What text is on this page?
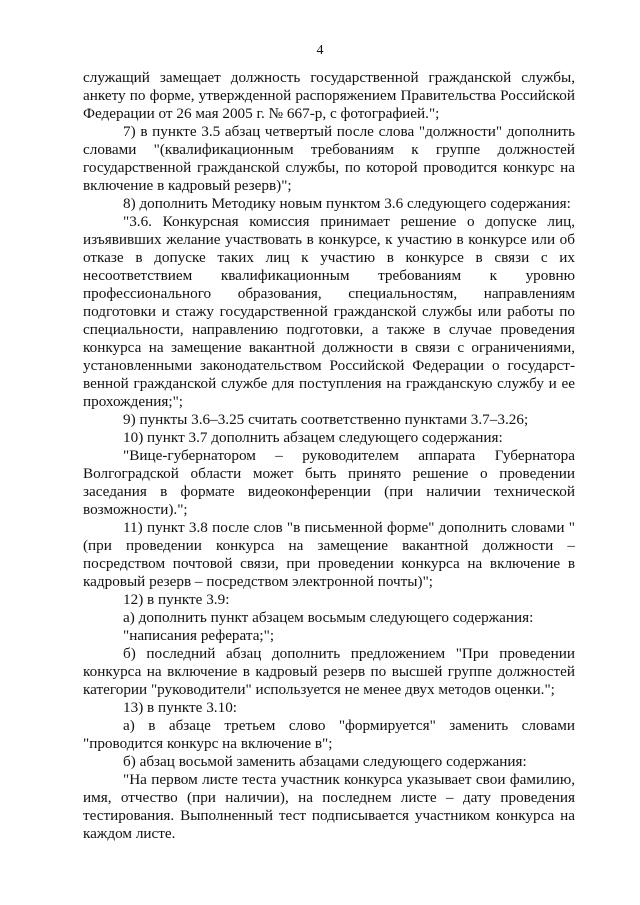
4

служащий замещает должность государственной гражданской службы, анкету по форме, утвержденной распоряжением Правительства Российской Федерации от 26 мая 2005 г. № 667-р, с фотографией.";

7) в пункте 3.5 абзац четвертый после слова "должности" дополнить словами "(квалификационным требованиям к группе должностей государственной гражданской службы, по которой проводится конкурс на включение в кадровый резерв)";

8) дополнить Методику новым пунктом 3.6 следующего содержания:

"3.6. Конкурсная комиссия принимает решение о допуске лиц, изъявивших желание участвовать в конкурсе, к участию в конкурсе или об отказе в допуске таких лиц к участию в конкурсе в связи с их несоответствием квалификационным требованиям к уровню профессионального образования, специальностям, направлениям подготовки и стажу государственной гражданской службы или работы по специальности, направлению подготовки, а также в случае проведения конкурса на замещение вакантной должности в связи с ограничениями, установленными законодательством Российской Федерации о государственной гражданской службе для поступления на гражданскую службу и ее прохождения;";

9) пункты 3.6–3.25 считать соответственно пунктами 3.7–3.26;

10) пункт 3.7 дополнить абзацем следующего содержания:

"Вице-губернатором – руководителем аппарата Губернатора Волгоградской области может быть принято решение о проведении заседания в формате видеоконференции (при наличии технической возможности).";

11) пункт 3.8 после слов "в письменной форме" дополнить словами "(при проведении конкурса на замещение вакантной должности – посредством почтовой связи, при проведении конкурса на включение в кадровый резерв – посредством электронной почты)";

12) в пункте 3.9:

а) дополнить пункт абзацем восьмым следующего содержания:

"написания реферата;";

б) последний абзац дополнить предложением "При проведении конкурса на включение в кадровый резерв по высшей группе должностей категории "руководители" используется не менее двух методов оценки.";

13) в пункте 3.10:

а) в абзаце третьем слово "формируется" заменить словами "проводится конкурс на включение в";

б) абзац восьмой заменить абзацами следующего содержания:

"На первом листе теста участник конкурса указывает свои фамилию, имя, отчество (при наличии), на последнем листе – дату проведения тестирования. Выполненный тест подписывается участником конкурса на каждом листе.
